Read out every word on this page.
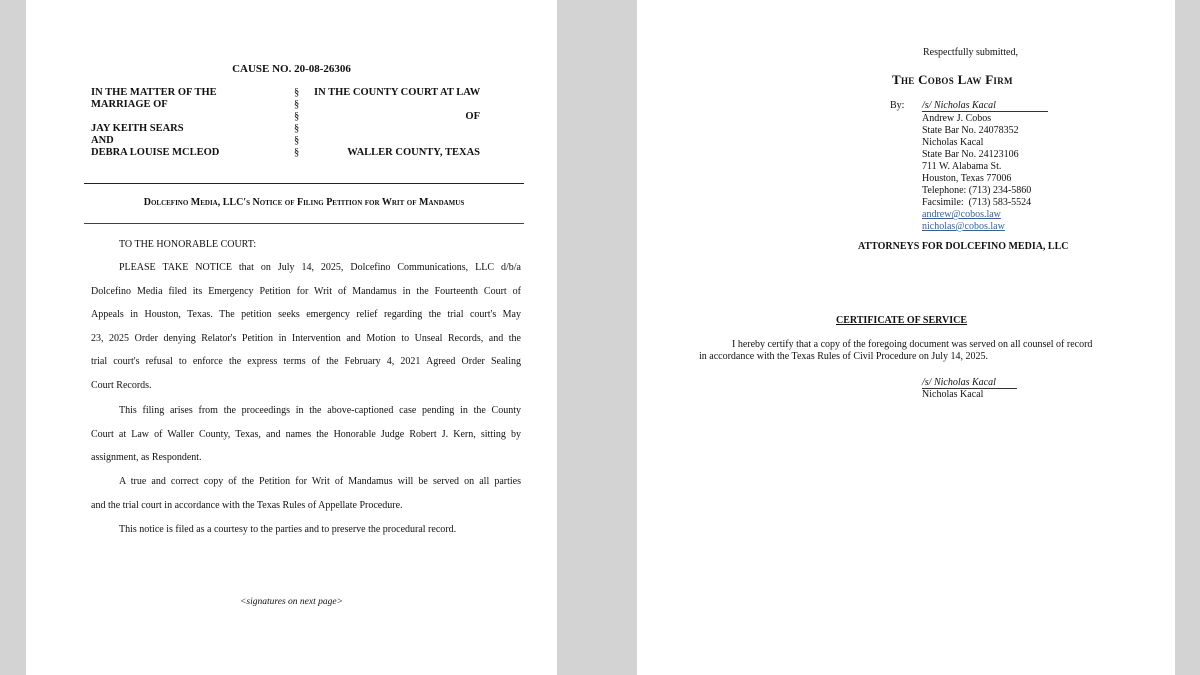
CAUSE NO. 20-08-26306
IN THE MATTER OF THE
MARRIAGE OF
JAY KEITH SEARS
AND
DEBRA LOUISE MCLEOD
§
§
§
§
§
§
IN THE COUNTY COURT AT LAW
OF
WALLER COUNTY, TEXAS
Dolcefino Media, LLC's Notice of Filing Petition for Writ of Mandamus
TO THE HONORABLE COURT:
PLEASE TAKE NOTICE that on July 14, 2025, Dolcefino Communications, LLC d/b/a
Dolcefino Media filed its Emergency Petition for Writ of Mandamus in the Fourteenth Court of
Appeals in Houston, Texas. The petition seeks emergency relief regarding the trial court's May
23, 2025 Order denying Relator's Petition in Intervention and Motion to Unseal Records, and the
trial court's refusal to enforce the express terms of the February 4, 2021 Agreed Order Sealing
Court Records.
This filing arises from the proceedings in the above-captioned case pending in the County
Court at Law of Waller County, Texas, and names the Honorable Judge Robert J. Kern, sitting by
assignment, as Respondent.
A true and correct copy of the Petition for Writ of Mandamus will be served on all parties
and the trial court in accordance with the Texas Rules of Appellate Procedure.
This notice is filed as a courtesy to the parties and to preserve the procedural record.
<signatures on next page>
Respectfully submitted,
The Cobos Law Firm
By: /s/ Nicholas Kacal
Andrew J. Cobos
State Bar No. 24078352
Nicholas Kacal
State Bar No. 24123106
711 W. Alabama St.
Houston, Texas 77006
Telephone: (713) 234-5860
Facsimile:  (713) 583-5524
andrew@cobos.law
nicholas@cobos.law
ATTORNEYS FOR DOLCEFINO MEDIA, LLC
CERTIFICATE OF SERVICE
I hereby certify that a copy of the foregoing document was served on all counsel of record
in accordance with the Texas Rules of Civil Procedure on July 14, 2025.
/s/ Nicholas Kacal
Nicholas Kacal
